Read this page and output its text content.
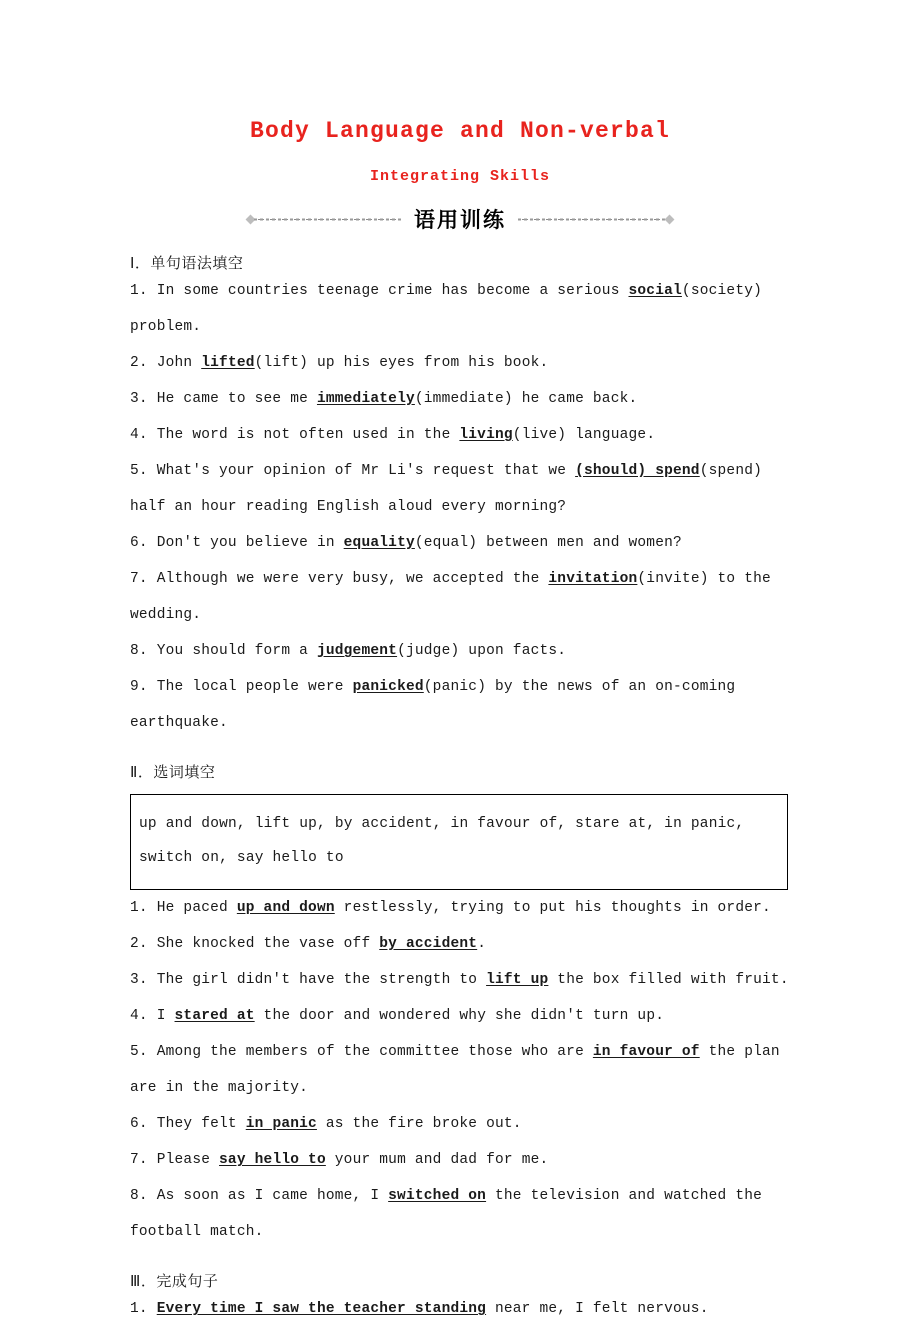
Body Language and Non-verbal
Integrating Skills
语用训练
Ⅰ．单句语法填空
1. In some countries teenage crime has become a serious social(society) problem.
2. John lifted(lift) up his eyes from his book.
3. He came to see me immediately(immediate) he came back.
4. The word is not often used in the living(live) language.
5. What's your opinion of Mr Li's request that we (should) spend(spend) half an hour reading English aloud every morning?
6. Don't you believe in equality(equal) between men and women?
7. Although we were very busy, we accepted the invitation(invite) to the wedding.
8. You should form a judgement(judge) upon facts.
9. The local people were panicked(panic) by the news of an on-coming earthquake.
Ⅱ．选词填空
up and down, lift up, by accident, in favour of, stare at, in panic, switch on, say hello to
1. He paced up and down restlessly, trying to put his thoughts in order.
2. She knocked the vase off by accident.
3. The girl didn't have the strength to lift up the box filled with fruit.
4. I stared at the door and wondered why she didn't turn up.
5. Among the members of the committee those who are in favour of the plan are in the majority.
6. They felt in panic as the fire broke out.
7. Please say hello to your mum and dad for me.
8. As soon as I came home, I switched on the television and watched the football match.
Ⅲ．完成句子
1. Every time I saw the teacher standing near me, I felt nervous.
